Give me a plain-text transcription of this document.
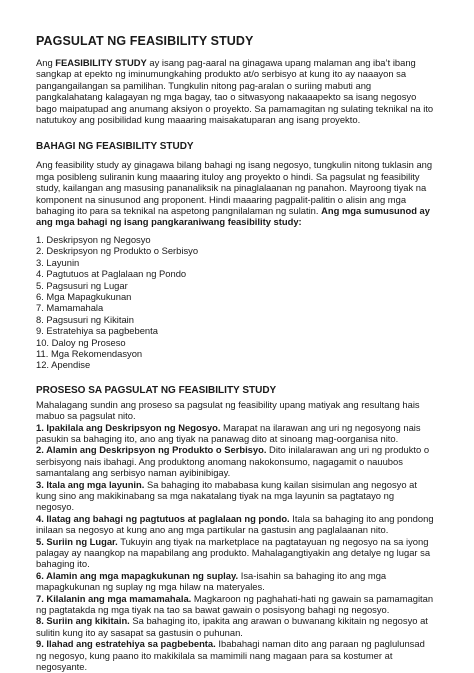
PAGSULAT NG FEASIBILITY STUDY

Ang FEASIBILITY STUDY ay isang pag-aaral na ginagawa upang malaman ang iba’t ibang sangkap at epekto ng iminumungkahing produkto at/o serbisyo at kung ito ay naaayon sa pangangailangan sa pamilihan. Tungkulin nitong pag-aralan o suriing mabuti ang pangkalahatang kalagayan ng mga bagay, tao o sitwasyong nakaaapekto sa isang negosyo bago maipatupad ang anumang aksiyon o proyekto. Sa pamamagitan ng sulating teknikal na ito natutukoy ang posibilidad kung maaaring maisakatuparan ang isang proyekto.

BAHAGI NG FEASIBILITY STUDY

Ang feasibility study ay ginagawa bilang bahagi ng isang negosyo, tungkulin nitong tuklasin ang mga posibleng suliranin kung maaaring ituloy ang proyekto o hindi. Sa pagsulat ng feasibility study, kailangan ang masusing pananaliksik na pinaglalaanan ng panahon. Mayroong tiyak na komponent na sinusunod ang proponent. Hindi maaaring pagpalit-palitin o alisin ang mga bahaging ito para sa teknikal na aspetong pangnilalaman ng sulatin. Ang mga sumusunod ay ang mga bahagi ng isang pangkaraniwang feasibility study:

1. Deskripsyon ng Negosyo
2. Deskripsyon ng Produkto o Serbisyo
3. Layunin
4. Pagtutuos at Paglalaan ng Pondo
5. Pagsusuri ng Lugar
6. Mga Mapagkukunan
7. Mamamahala
8. Pagsusuri ng Kikitain
9. Estratehiya sa pagbebenta
10. Daloy ng Proseso
11. Mga Rekomendasyon
12. Apendise
PROSESO SA PAGSULAT NG FEASIBILITY STUDY

Mahalagang sundin ang proseso sa pagsulat ng feasibility upang matiyak ang resultang hais mabuo sa pagsulat nito.

1. Ipakilala ang Deskripsyon ng Negosyo. Marapat na ilarawan ang uri ng negosyong nais pasukin sa bahaging ito, ano ang tiyak na panawag dito at sinoang mag-oorganisa nito.

2. Alamin ang Deskripsyon ng Produkto o Serbisyo. Dito inilalarawan ang uri ng produkto o serbisyong nais ibahagi. Ang produktong anomang nakokonsumo, nagagamit o nauubos samantalang ang serbisyo naman ayibinibigay.

3. Itala ang mga layunin. Sa bahaging ito mababasa kung kailan sisimulan ang negosyo at kung sino ang makikinabang sa mga nakatalang tiyak na mga layunin sa pagtatayo ng negosyo.

4. Ilatag ang bahagi ng pagtutuos at paglalaan ng pondo. Itala sa bahaging ito ang pondong inilaan sa negosyo at kung ano ang mga partikular na gastusin ang paglalaanan nito.

5. Suriin ng Lugar. Tukuyin ang tiyak na marketplace na pagtatayuan ng negosyo na sa iyong palagay ay naangkop na mapabilang ang produkto. Mahalagangtiyakin ang detalye ng lugar sa bahaging ito.

6. Alamin ang mga mapagkukunan ng suplay. Isa-isahin sa bahaging ito ang mga mapagkukunan ng suplay ng mga hilaw na materyales.

7. Kilalanin ang mga mamamahala. Magkaroon ng paghahati-hati ng gawain sa pamamagitan ng pagtatakda ng mga tiyak na tao sa bawat gawain o posisyong bahagi ng negosyo.

8. Suriin ang kikitain. Sa bahaging ito, ipakita ang arawan o buwanang kikitain ng negosyo at sulitin kung ito ay sasapat sa gastusin o puhunan.

9. Ilahad ang estratehiya sa pagbebenta. Ibabahagi naman dito ang paraan ng paglulunsad ng negosyo, kung paano ito makikilala sa mamimili nang magaan para sa kostumer at negosyante.
